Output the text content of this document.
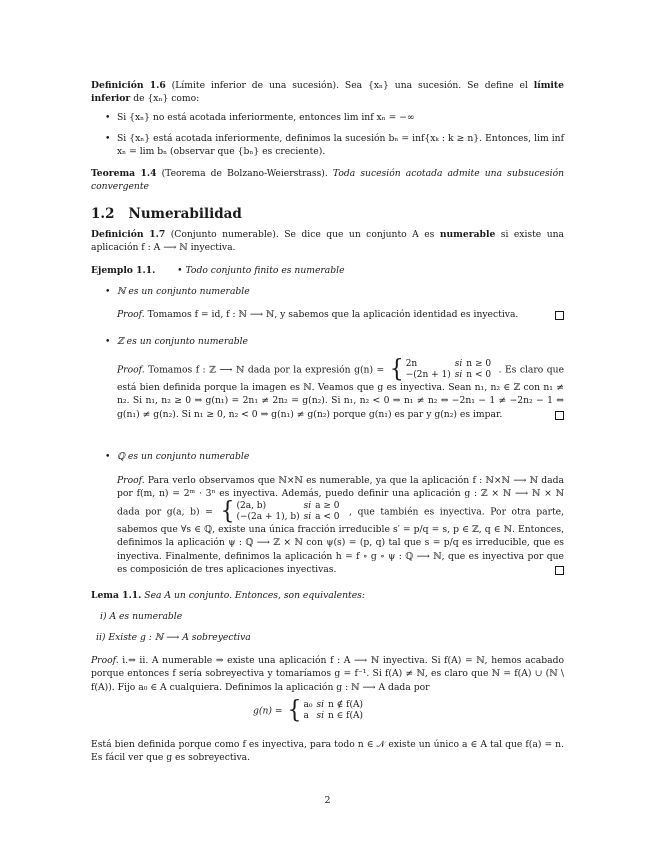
Definición 1.6 (Límite inferior de una sucesión). Sea {xₙ} una sucesión. Se define el límite inferior de {xₙ} como:

• Si {xₙ} no está acotada inferiormente, entonces lim inf xₙ = −∞

• Si {xₙ} está acotada inferiormente, definimos la sucesión bₙ = inf{xₖ : k ≥ n}. Entonces, lim inf xₙ = lim bₙ (observar que {bₙ} es creciente).

Teorema 1.4 (Teorema de Bolzano-Weierstrass). Toda sucesión acotada admite una subsucesión convergente

1.2 Numerabilidad

Definición 1.7 (Conjunto numerable). Se dice que un conjunto A es numerable si existe una aplicación f : A ⟶ ℕ inyectiva.

Ejemplo 1.1. • Todo conjunto finito es numerable

• ℕ es un conjunto numerable

Proof. Tomamos f = id, f : ℕ ⟶ ℕ, y sabemos que la aplicación identidad es inyectiva.

• ℤ es un conjunto numerable

Proof. Tomamos f : ℤ ⟶ ℕ dada por la expresión g(n) = { 2n	si	n ≥ 0
−(2n + 1)	si	n < 0 . Es claro que está bien definida porque la imagen es ℕ. Veamos que g es inyectiva. Sean n₁, n₂ ∈ ℤ con n₁ ≠ n₂. Si n₁, n₂ ≥ 0 ⇒ g(n₁) = 2n₁ ≠ 2n₂ = g(n₂). Si n₁, n₂ < 0 ⇒ n₁ ≠ n₂ ⇔ −2n₁ − 1 ≠ −2n₂ − 1 ⇔ g(n₁) ≠ g(n₂). Si n₁ ≥ 0, n₂ < 0 ⇒ g(n₁) ≠ g(n₂) porque g(n₁) es par y g(n₂) es impar.

• ℚ es un conjunto numerable

Proof. Para verlo observamos que ℕ×ℕ es numerable, ya que la aplicación f : ℕ×ℕ ⟶ ℕ dada por f(m, n) = 2ᵐ · 3ⁿ es inyectiva. Además, puedo definir una aplicación g : ℤ × ℕ ⟶ ℕ × ℕ dada por g(a, b) = { (2a, b)	si	a ≥ 0
(−(2a + 1), b)	si	a < 0 , que también es inyectiva. Por otra parte, sabemos que ∀s ∈ ℚ, existe una única fracción irreducible s′ = p/q = s, p ∈ ℤ, q ∈ ℕ. Entonces, definimos la aplicación ψ : ℚ ⟶ ℤ × ℕ con ψ(s) = (p, q) tal que s = p/q es irreducible, que es inyectiva. Finalmente, definimos la aplicación h = f ∘ g ∘ ψ : ℚ ⟶ ℕ, que es inyectiva por que es composición de tres aplicaciones inyectivas.

Lema 1.1. Sea A un conjunto. Entonces, son equivalentes:

i) A es numerable

ii) Existe g : ℕ ⟶ A sobreyectiva

Proof. i.⇒ ii. A numerable ⇒ existe una aplicación f : A ⟶ ℕ inyectiva. Si f(A) = ℕ, hemos acabado porque entonces f sería sobreyectiva y tomaríamos g = f⁻¹. Si f(A) ≠ ℕ, es claro que ℕ = f(A) ∪ (ℕ \ f(A)). Fijo a₀ ∈ A cualquiera. Definimos la aplicación g : ℕ ⟶ A dada por

g(n) = { a₀	si	n ∉ f(A)
a	si	n ∈ f(A)

Está bien definida porque como f es inyectiva, para todo n ∈ 𝒩 existe un único a ∈ A tal que f(a) = n. Es fácil ver que g es sobreyectiva.

2
